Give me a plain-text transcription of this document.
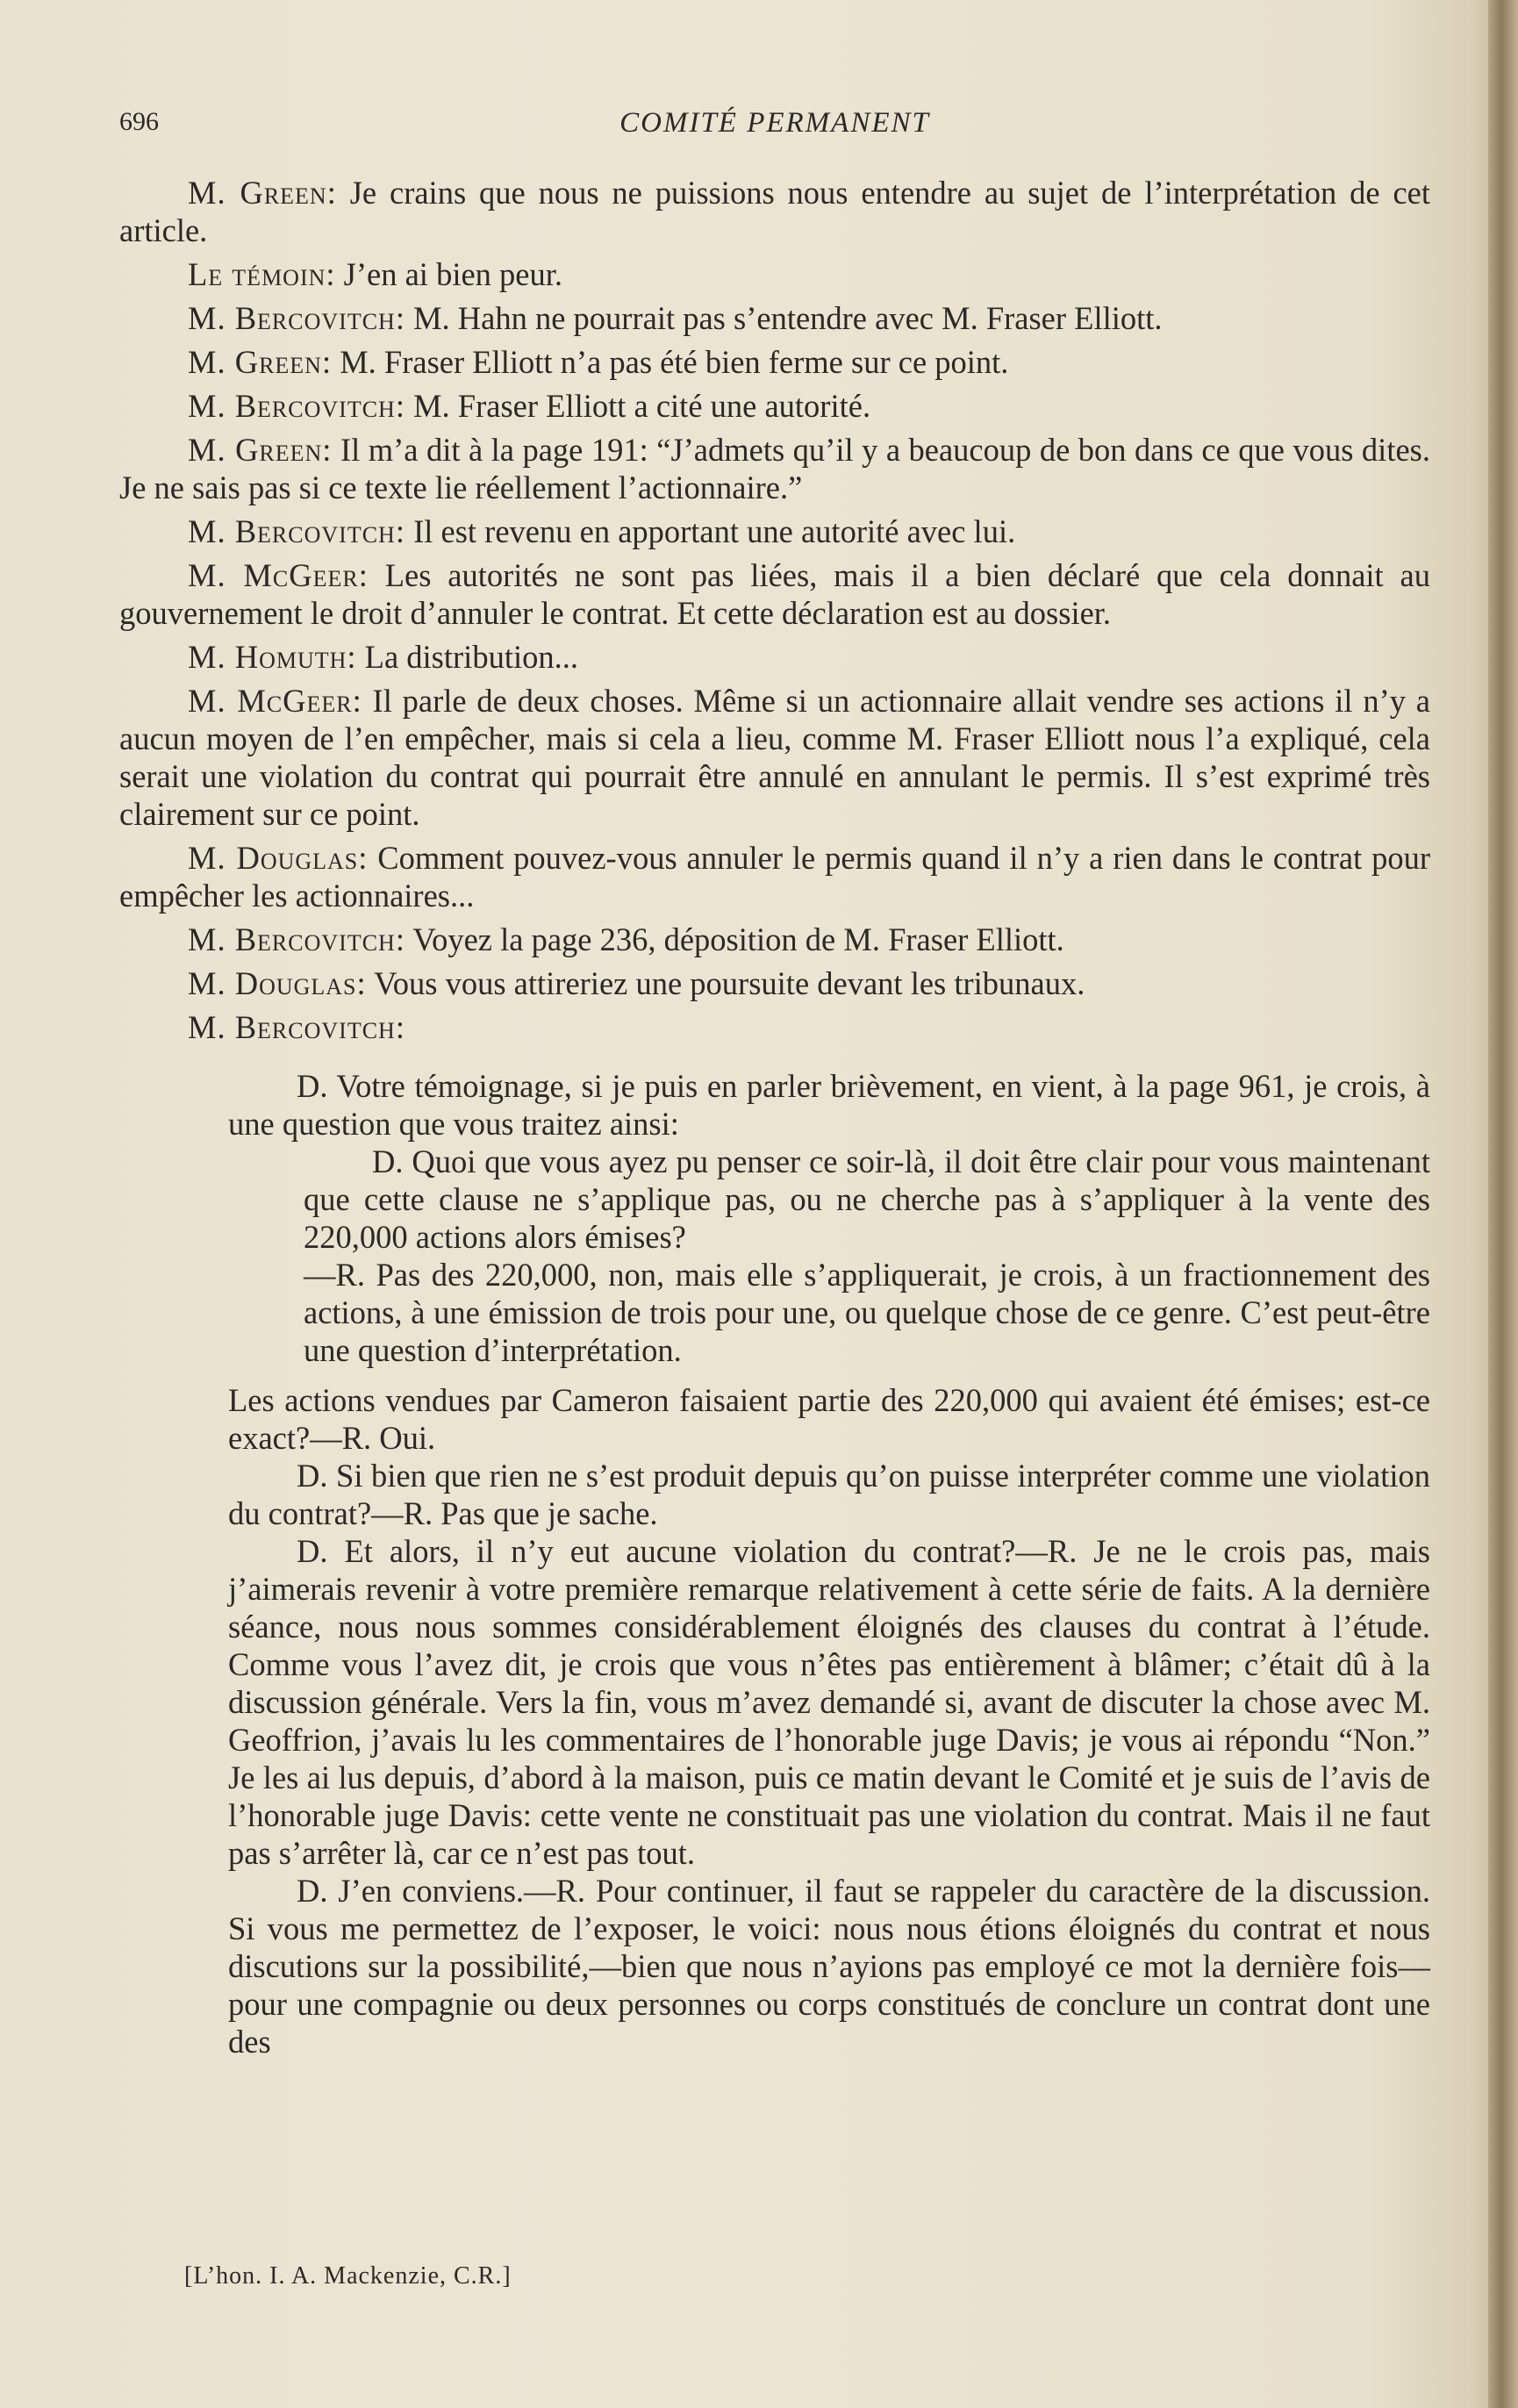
696	COMITÉ PERMANENT

M. Green: Je crains que nous ne puissions nous entendre au sujet de l’interprétation de cet article.

Le témoin: J’en ai bien peur.

M. Bercovitch: M. Hahn ne pourrait pas s’entendre avec M. Fraser Elliott.

M. Green: M. Fraser Elliott n’a pas été bien ferme sur ce point.

M. Bercovitch: M. Fraser Elliott a cité une autorité.

M. Green: Il m’a dit à la page 191: “J’admets qu’il y a beaucoup de bon dans ce que vous dites. Je ne sais pas si ce texte lie réellement l’actionnaire.”

M. Bercovitch: Il est revenu en apportant une autorité avec lui.

M. McGeer: Les autorités ne sont pas liées, mais il a bien déclaré que cela donnait au gouvernement le droit d’annuler le contrat. Et cette déclaration est au dossier.

M. Homuth: La distribution...

M. McGeer: Il parle de deux choses. Même si un actionnaire allait vendre ses actions il n’y a aucun moyen de l’en empêcher, mais si cela a lieu, comme M. Fraser Elliott nous l’a expliqué, cela serait une violation du contrat qui pourrait être annulé en annulant le permis. Il s’est exprimé très clairement sur ce point.

M. Douglas: Comment pouvez-vous annuler le permis quand il n’y a rien dans le contrat pour empêcher les actionnaires...

M. Bercovitch: Voyez la page 236, déposition de M. Fraser Elliott.

M. Douglas: Vous vous attireriez une poursuite devant les tribunaux.

M. Bercovitch:

D. Votre témoignage, si je puis en parler brièvement, en vient, à la page 961, je crois, à une question que vous traitez ainsi:

D. Quoi que vous ayez pu penser ce soir-là, il doit être clair pour vous maintenant que cette clause ne s’applique pas, ou ne cherche pas à s’appliquer à la vente des 220,000 actions alors émises?

—R. Pas des 220,000, non, mais elle s’appliquerait, je crois, à un fractionnement des actions, à une émission de trois pour une, ou quelque chose de ce genre. C’est peut-être une question d’interprétation.

Les actions vendues par Cameron faisaient partie des 220,000 qui avaient été émises; est-ce exact?—R. Oui.

D. Si bien que rien ne s’est produit depuis qu’on puisse interpréter comme une violation du contrat?—R. Pas que je sache.

D. Et alors, il n’y eut aucune violation du contrat?—R. Je ne le crois pas, mais j’aimerais revenir à votre première remarque relativement à cette série de faits. A la dernière séance, nous nous sommes considérablement éloignés des clauses du contrat à l’étude. Comme vous l’avez dit, je crois que vous n’êtes pas entièrement à blâmer; c’était dû à la discussion générale. Vers la fin, vous m’avez demandé si, avant de discuter la chose avec M. Geoffrion, j’avais lu les commentaires de l’honorable juge Davis; je vous ai répondu “Non.” Je les ai lus depuis, d’abord à la maison, puis ce matin devant le Comité et je suis de l’avis de l’honorable juge Davis: cette vente ne constituait pas une violation du contrat. Mais il ne faut pas s’arrêter là, car ce n’est pas tout.

D. J’en conviens.—R. Pour continuer, il faut se rappeler du caractère de la discussion. Si vous me permettez de l’exposer, le voici: nous nous étions éloignés du contrat et nous discutions sur la possibilité,—bien que nous n’ayions pas employé ce mot la dernière fois—pour une compagnie ou deux personnes ou corps constitués de conclure un contrat dont une des

[L’hon. I. A. Mackenzie, C.R.]
